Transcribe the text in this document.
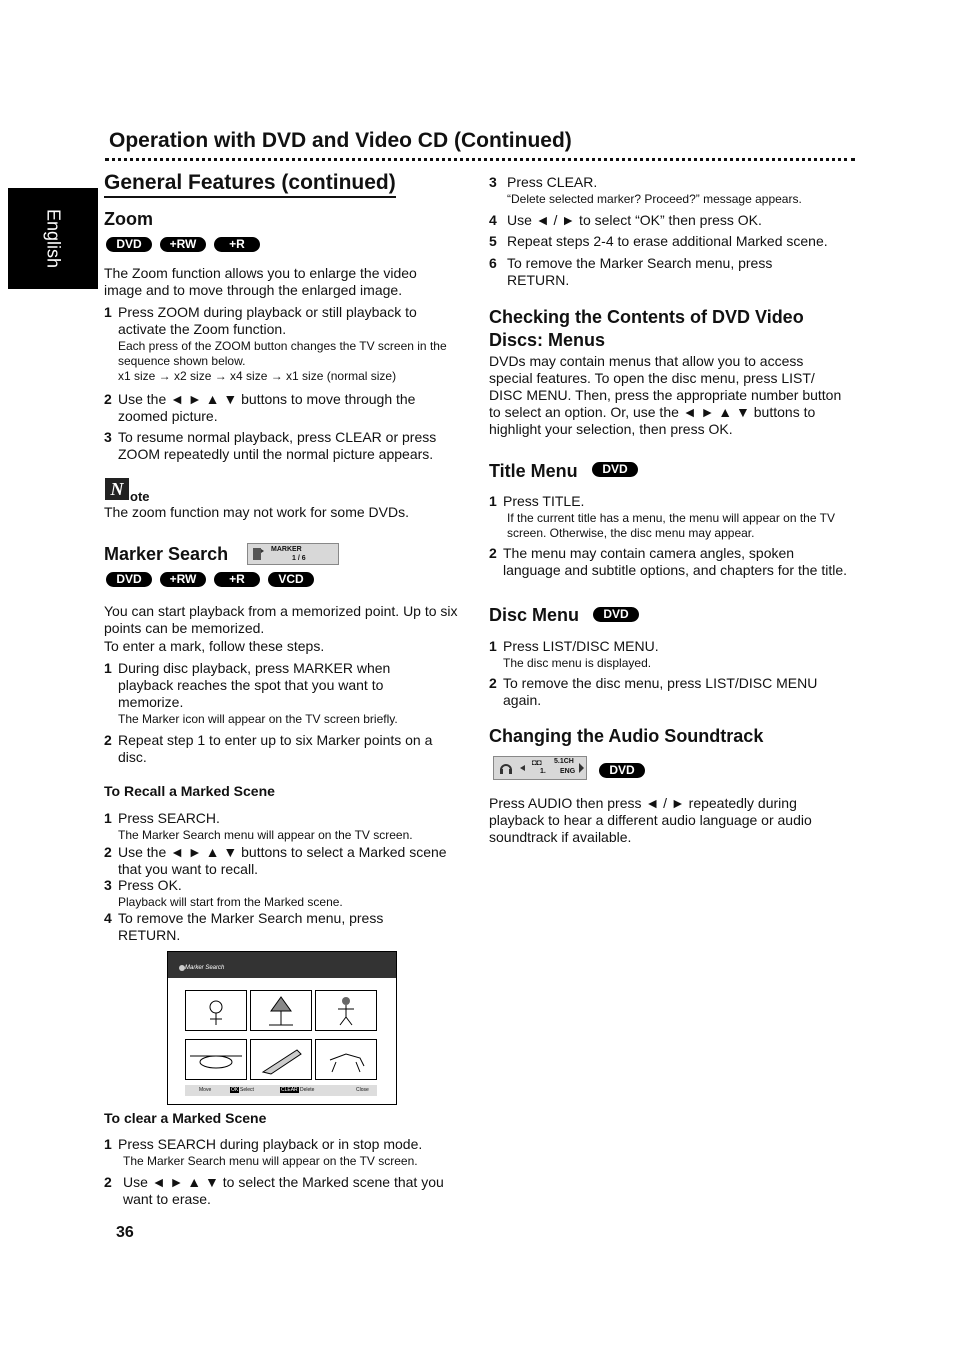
English
Operation with DVD and Video CD (Continued)
General Features (continued)
Zoom
DVD	+RW	+R
The Zoom function allows you to enlarge the video image and to move through the enlarged image.
1 Press ZOOM during playback or still playback to activate the Zoom function.
Each press of the ZOOM button changes the TV screen in the sequence shown below.
x1 size → x2 size → x4 size → x1 size (normal size)
2 Use the ◄ ► ▲ ▼ buttons to move through the zoomed picture.
3 To resume normal playback, press CLEAR or press ZOOM repeatedly until the normal picture appears.
N ote
The zoom function may not work for some DVDs.
Marker Search	MARKER
1 / 6
DVD	+RW	+R	VCD
You can start playback from a memorized point. Up to six points can be memorized.
To enter a mark, follow these steps.
1 During disc playback, press MARKER when playback reaches the spot that you want to memorize.
The Marker icon will appear on the TV screen briefly.
2 Repeat step 1 to enter up to six Marker points on a disc.
To Recall a Marked Scene
1 Press SEARCH.
The Marker Search menu will appear on the TV screen.
2 Use the ◄ ► ▲ ▼ buttons to select a Marked scene that you want to recall.
3 Press OK.
Playback will start from the Marked scene.
4 To remove the Marker Search menu, press RETURN.
Marker Search
Move	OK Select	CLEAR Delete	Close
To clear a Marked Scene
1 Press SEARCH during playback or in stop mode.
The Marker Search menu will appear on the TV screen.
2 Use ◄ ► ▲ ▼ to select the Marked scene that you want to erase.
36
3 Press CLEAR.
“Delete selected marker? Proceed?” message appears.
4 Use ◄ / ► to select “OK” then press OK.
5 Repeat steps 2-4 to erase additional Marked scene.
6 To remove the Marker Search menu, press RETURN.
Checking the Contents of DVD Video Discs: Menus
DVDs may contain menus that allow you to access special features. To open the disc menu, press LIST/ DISC MENU. Then, press the appropriate number button to select an option. Or, use the ◄ ► ▲ ▼ buttons to highlight your selection, then press OK.
Title Menu	DVD
1 Press TITLE.
If the current title has a menu, the menu will appear on the TV screen. Otherwise, the disc menu may appear.
2 The menu may contain camera angles, spoken language and subtitle options, and chapters for the title.
Disc Menu	DVD
1 Press LIST/DISC MENU.
The disc menu is displayed.
2 To remove the disc menu, press LIST/DISC MENU again.
Changing the Audio Soundtrack
◘◘ 5.1CH
1. ENG	DVD
Press AUDIO then press ◄ / ► repeatedly during playback to hear a different audio language or audio soundtrack if available.
